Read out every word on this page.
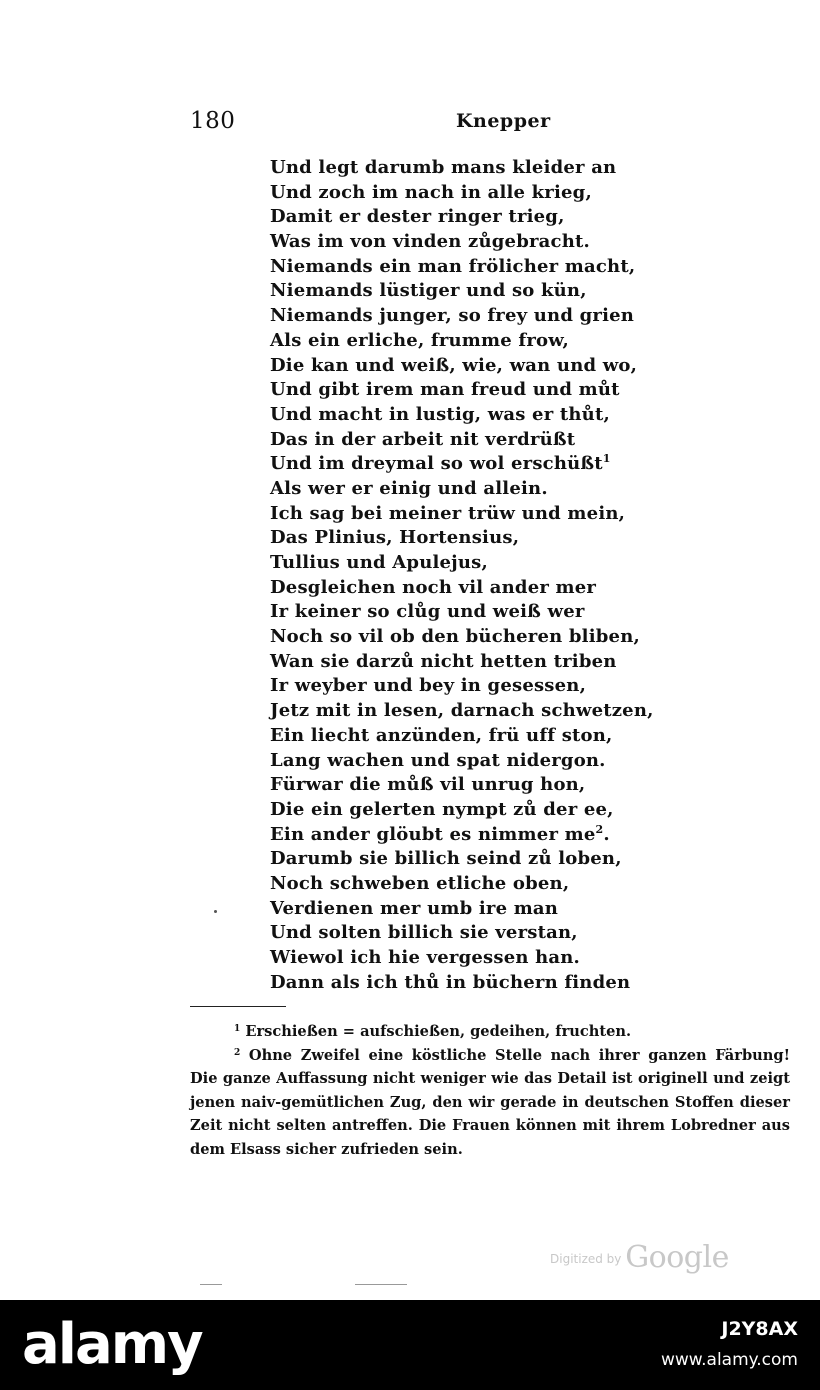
180	Knepper
Und legt darumb mans kleider an
Und zoch im nach in alle krieg,
Damit er dester ringer trieg,
Was im von vinden zůgebracht.
Niemands ein man frölicher macht,
Niemands lüstiger und so kün,
Niemands junger, so frey und grien
Als ein erliche, frumme frow,
Die kan und weiß, wie, wan und wo,
Und gibt irem man freud und můt
Und macht in lustig, was er thůt,
Das in der arbeit nit verdrüßt
Und im dreymal so wol erschüßt$^1$
Als wer er einig und allein.
Ich sag bei meiner trüw und mein,
Das Plinius, Hortensius,
Tullius und Apulejus,
Desgleichen noch vil ander mer
Ir keiner so clůg und weiß wer
Noch so vil ob den bücheren bliben,
Wan sie darzů nicht hetten triben
Ir weyber und bey in gesessen,
Jetz mit in lesen, darnach schwetzen,
Ein liecht anzünden, frü uff ston,
Lang wachen und spat nidergon.
Fürwar die můß vil unrug hon,
Die ein gelerten nympt zů der ee,
Ein ander glöubt es nimmer $me^2$.
Darumb sie billich seind zů loben,
Noch schweben etliche oben,
Verdienen mer umb ire man
Und solten billich sie verstan,
Wiewol ich hie vergessen han.
Dann als ich thů in büchern finden

$^1$ Erschießen = aufschießen, gedeihen, fruchten.

$^2$ Ohne Zweifel eine köstliche Stelle nach ihrer ganzen Färbung! Die ganze Auffassung nicht weniger wie das Detail ist originell und zeigt jenen naiv-gemütlichen Zug, den wir gerade in deutschen Stoffen dieser Zeit nicht selten antreffen. Die Frauen können mit ihrem Lobredner aus dem Elsass sicher zufrieden sein.

$^{Digitized by}$ Google
alamy	J2Y8AX
www.alamy.com
